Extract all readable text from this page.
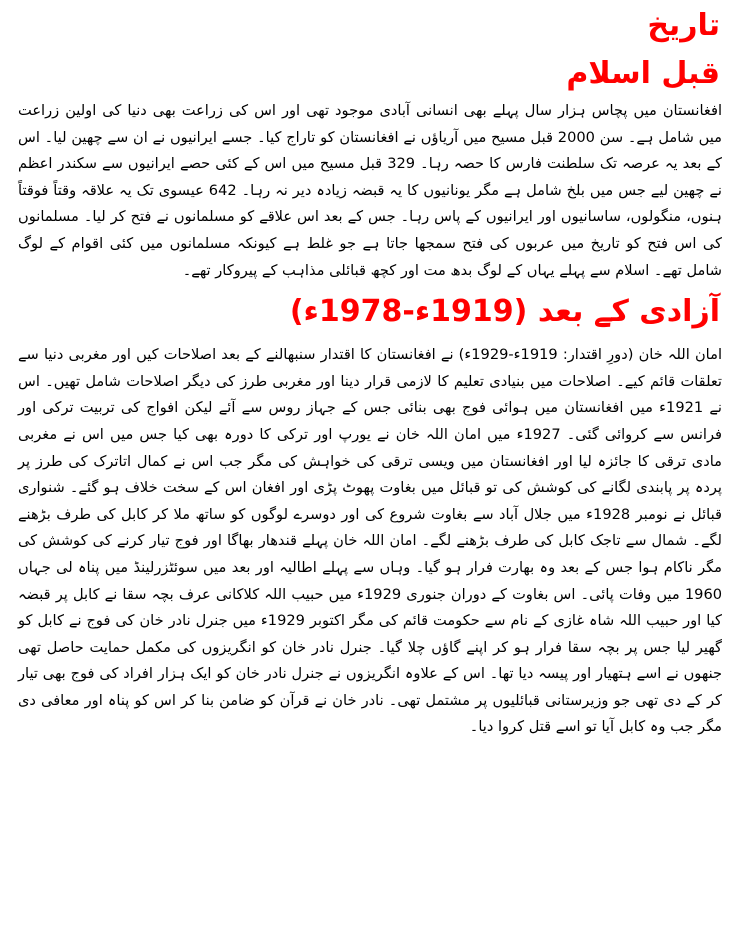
تاریخ
قبل اسلام

افغانستان میں پچاس ہزار سال پہلے بھی انسانی آبادی موجود تھی اور اس کی زراعت بھی دنیا کی اولین زراعت میں شامل ہے۔ سن 2000 قبل مسیح میں آریاؤں نے افغانستان کو تاراج کیا۔ جسے ایرانیوں نے ان سے چھین لیا۔ اس کے بعد یہ عرصہ تک سلطنت فارس کا حصہ رہا۔ 329 قبل مسیح میں اس کے کئی حصے ایرانیوں سے سکندر اعظم نے چھین لیے جس میں بلخ شامل ہے مگر یونانیوں کا یہ قبضہ زیادہ دیر نہ رہا۔ 642 عیسوی تک یہ علاقہ وقتاً فوقتاً ہنوں، منگولوں، ساسانیوں اور ایرانیوں کے پاس رہا۔ جس کے بعد اس علاقے کو مسلمانوں نے فتح کر لیا۔ مسلمانوں کی اس فتح کو تاریخ میں عربوں کی فتح سمجھا جاتا ہے جو غلط ہے کیونکہ مسلمانوں میں کئی اقوام کے لوگ شامل تھے۔ اسلام سے پہلے یہاں کے لوگ بدھ مت اور کچھ قبائلی مذاہب کے پیروکار تھے۔

آزادی کے بعد (1919ء-1978ء)

امان اللہ خان (دورِ اقتدار: 1919ء-1929ء) نے افغانستان کا اقتدار سنبھالنے کے بعد اصلاحات کیں اور مغربی دنیا سے تعلقات قائم کیے۔ اصلاحات میں بنیادی تعلیم کا لازمی قرار دینا اور مغربی طرز کی دیگر اصلاحات شامل تھیں۔ اس نے 1921ء میں افغانستان میں ہوائی فوج بھی بنائی جس کے جہاز روس سے آئے لیکن افواج کی تربیت ترکی اور فرانس سے کروائی گئی۔ 1927ء میں امان اللہ خان نے یورپ اور ترکی کا دورہ بھی کیا جس میں اس نے مغربی مادی ترقی کا جائزہ لیا اور افغانستان میں ویسی ترقی کی خواہش کی مگر جب اس نے کمال اتاترک کی طرز پر پردہ پر پابندی لگانے کی کوشش کی تو قبائل میں بغاوت پھوٹ پڑی اور افغان اس کے سخت خلاف ہو گئے۔ شنواری قبائل نے نومبر 1928ء میں جلال آباد سے بغاوت شروع کی اور دوسرے لوگوں کو ساتھ ملا کر کابل کی طرف بڑھنے لگے۔ شمال سے تاجک کابل کی طرف بڑھنے لگے۔ امان اللہ خان پہلے قندھار بھاگا اور فوج تیار کرنے کی کوشش کی مگر ناکام ہوا جس کے بعد وہ بھارت فرار ہو گیا۔ وہاں سے پہلے اطالیہ اور بعد میں سوئٹزرلینڈ میں پناہ لی جہاں 1960 میں وفات پائی۔ اس بغاوت کے دوران جنوری 1929ء میں حبیب اللہ کلاکانی عرف بچہ سقا نے کابل پر قبضہ کیا اور حبیب اللہ شاہ غازی کے نام سے حکومت قائم کی مگر اکتوبر 1929ء میں جنرل نادر خان کی فوج نے کابل کو گھیر لیا جس پر بچہ سقا فرار ہو کر اپنے گاؤں چلا گیا۔ جنرل نادر خان کو انگریزوں کی مکمل حمایت حاصل تھی جنھوں نے اسے ہتھیار اور پیسہ دیا تھا۔ اس کے علاوہ انگریزوں نے جنرل نادر خان کو ایک ہزار افراد کی فوج بھی تیار کر کے دی تھی جو وزیرستانی قبائلیوں پر مشتمل تھی۔ نادر خان نے قرآن کو ضامن بنا کر اس کو پناہ اور معافی دی مگر جب وہ کابل آیا تو اسے قتل کروا دیا۔
